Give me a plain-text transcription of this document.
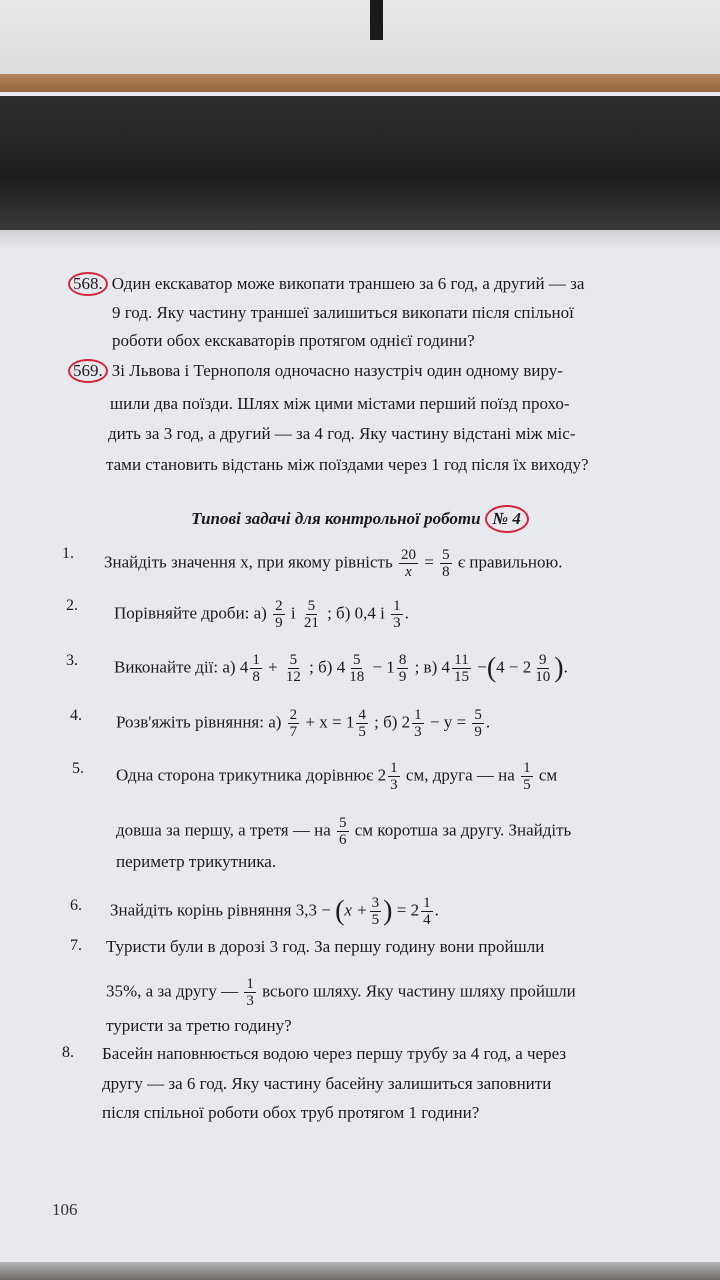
568. Один екскаватор може викопати траншею за 6 год, а другий — за
9 год. Яку частину траншеї залишиться викопати після спільної
роботи обох екскаваторів протягом однієї години?
569. Зі Львова і Тернополя одночасно назустріч один одному виру-
шили два поїзди. Шлях між цими містами перший поїзд прохо-
дить за 3 год, а другий — за 4 год. Яку частину відстані між міс-
тами становить відстань між поїздами через 1 год після їх виходу?
Типові задачі для контрольної роботи № 4
1. Знайдіть значення x, при якому рівність $\frac{20}{x} = \frac{5}{8}$ є правильною.
2. Порівняйте дроби: $а) \frac{2}{9}$ і $\frac{5}{21}$ ; б) 0,4 і $\frac{1}{3}$ .
3. Виконайте дії: а) $4 \frac{1}{8} + \frac{5}{12}$ ; б) $4 \frac{5}{18} - 1 \frac{8}{9}$ ; в) $4 \frac{11}{15} -(4 - 2 \frac{9}{10}$ ).
4. Розв'яжіть рівняння: $а) \frac{2}{7} + x = 1 \frac{4}{5}$ ; б) $2 \frac{1}{3} - y = \frac{5}{9}$ .
5. Одна сторона трикутника дорівнює $2 \frac{1}{3}$ см, друга — на $\frac{1}{5}$ см
довша за першу, а третя — на $\frac{5}{6}$ см коротша за другу. Знайдіть
периметр трикутника.
6. Знайдіть корінь рівняння $3,3 - (x + \frac{3}{5}$ ) = $2 \frac{1}{4}$ .
7. Туристи були в дорозі 3 год. За першу годину вони пройшли
35%, а за другу — $\frac{1}{3}$ всього шляху. Яку частину шляху пройшли
туристи за третю годину?
8. Басейн наповнюється водою через першу трубу за 4 год, а через
другу — за 6 год. Яку частину басейну залишиться заповнити
після спільної роботи обох труб протягом 1 години?
106
